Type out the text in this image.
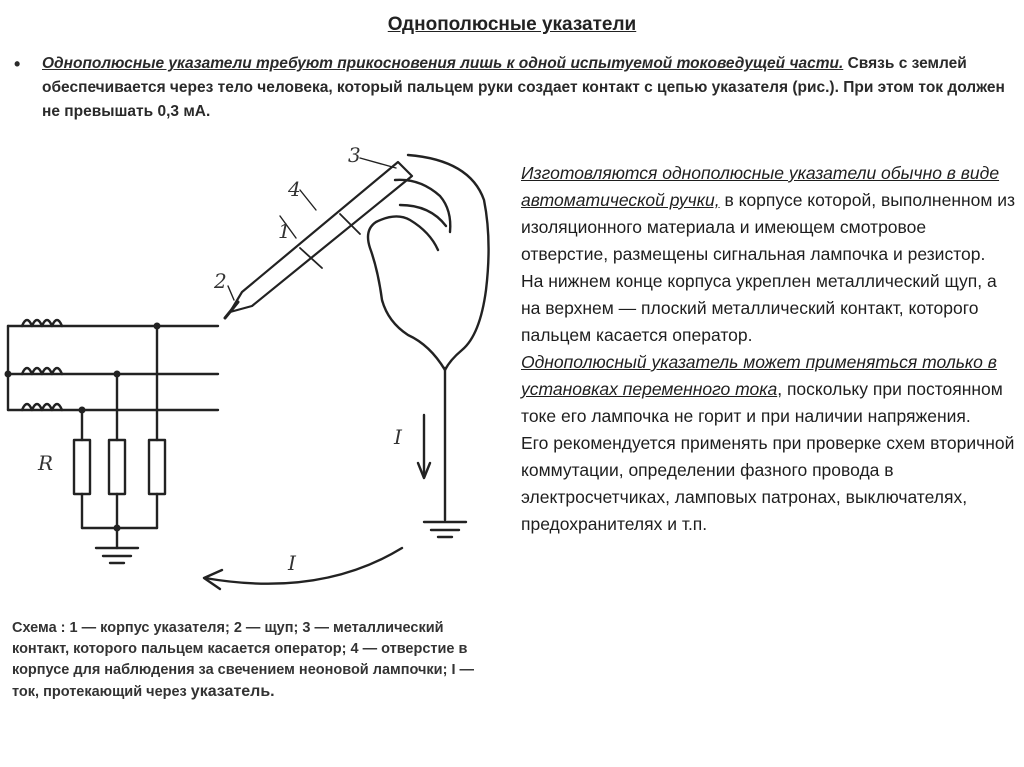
Однополюсные указатели
• Однополюсные указатели требуют прикосновения лишь к одной испытуемой токоведущей части. Связь с землей обеспечивается через тело человека, который пальцем руки создает контакт с цепью указателя (рис.). При этом ток должен не превышать 0,3 мА.
1
2
3
4
R
I
I

Изготовляются однополюсные указатели обычно в виде автоматической ручки, в корпусе которой, выполненном из изоляционного материала и имеющем смотровое отверстие, размещены сигнальная лампочка и резистор.

На нижнем конце корпуса укреплен металлический щуп, а на верхнем — плоский металлический контакт, которого пальцем касается оператор.

Однополюсный указатель может применяться только в установках переменного тока, поскольку при постоянном токе его лампочка не горит и при наличии напряжения.

Его рекомендуется применять при проверке схем вторичной коммутации, определении фазного провода в электросчетчиках, ламповых патронах, выключателях, предохранителях и т.п.

Схема : 1 — корпус указателя; 2 — щуп; 3 — металлический контакт, которого пальцем касается оператор; 4 — отверстие в корпусе для наблюдения за свечением неоновой лампочки; I — ток, протекающий через указатель.
